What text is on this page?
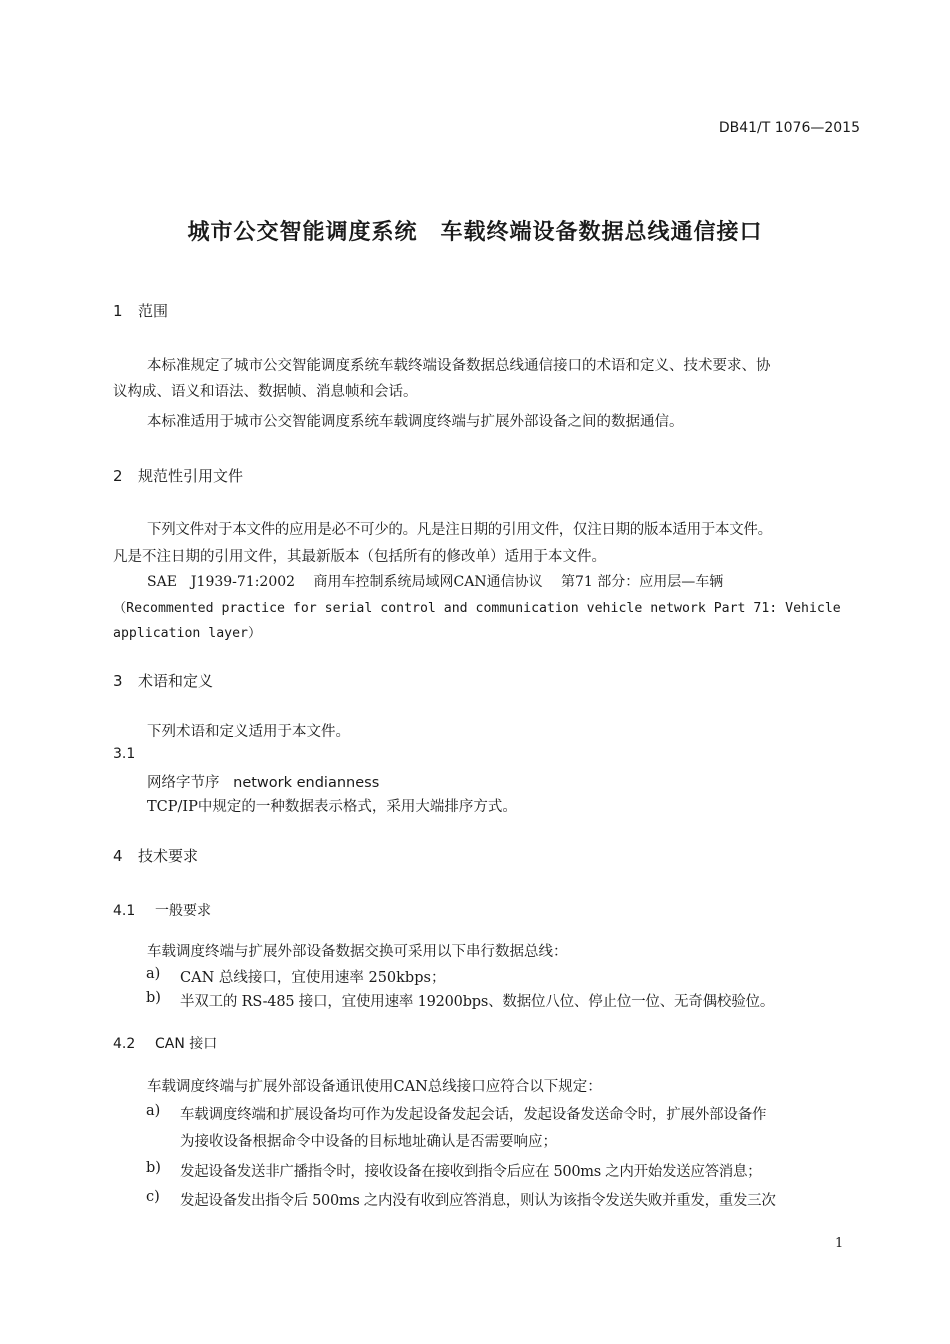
DB41/T 1076—2015
城市公交智能调度系统　车载终端设备数据总线通信接口
1 范围
本标准规定了城市公交智能调度系统车载终端设备数据总线通信接口的术语和定义、技术要求、协
议构成、语义和语法、数据帧、消息帧和会话。
本标准适用于城市公交智能调度系统车载调度终端与扩展外部设备之间的数据通信。
2 规范性引用文件
下列文件对于本文件的应用是必不可少的。凡是注日期的引用文件，仅注日期的版本适用于本文件。
凡是不注日期的引用文件，其最新版本（包括所有的修改单）适用于本文件。
SAE　J1939-71:2002　 商用车控制系统局域网CAN通信协议　 第71 部分：应用层—车辆
（Recommented practice for serial control and communication vehicle network Part 71: Vehicle
application layer）
3 术语和定义
下列术语和定义适用于本文件。
3.1
网络字节序 network endianness
TCP/IP中规定的一种数据表示格式，采用大端排序方式。
4 技术要求
4.1 一般要求
车载调度终端与扩展外部设备数据交换可采用以下串行数据总线：
a) CAN 总线接口，宜使用速率 250kbps；
b) 半双工的 RS-485 接口，宜使用速率 19200bps、数据位八位、停止位一位、无奇偶校验位。
4.2 CAN 接口
车载调度终端与扩展外部设备通讯使用CAN总线接口应符合以下规定：
a) 车载调度终端和扩展设备均可作为发起设备发起会话，发起设备发送命令时，扩展外部设备作
为接收设备根据命令中设备的目标地址确认是否需要响应；
b) 发起设备发送非广播指令时，接收设备在接收到指令后应在 500ms 之内开始发送应答消息；
c) 发起设备发出指令后 500ms 之内没有收到应答消息，则认为该指令发送失败并重发，重发三次
1
